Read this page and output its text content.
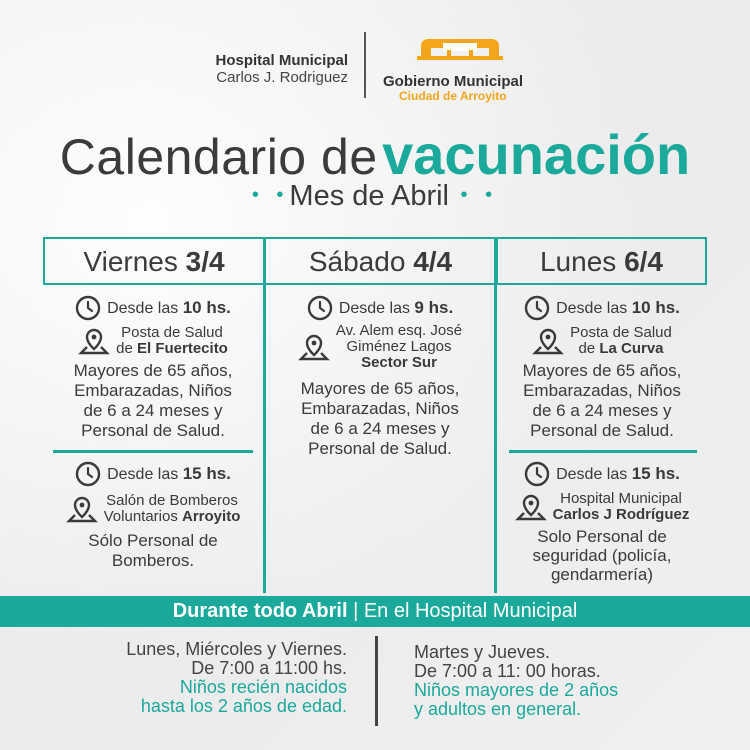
Hospital Municipal
Carlos J. Rodriguez Gobierno Municipal
Ciudad de Arroyito
Calendario de vacunación
• •Mes de Abril • •
Viernes 3/4	Sábado 4/4	Lunes 6/4
Desde las 10 hs.
Posta de Salud
de El Fuertecito
Mayores de 65 años,
Embarazadas, Niños
de 6 a 24 meses y
Personal de Salud.
Desde las 15 hs.
Salón de Bomberos
Voluntarios Arroyito
Sólo Personal de
Bomberos.
Desde las 9 hs.
Av. Alem esq. José
Giménez Lagos
Sector Sur
Mayores de 65 años,
Embarazadas, Niños
de 6 a 24 meses y
Personal de Salud.
Desde las 10 hs.
Posta de Salud
de La Curva
Mayores de 65 años,
Embarazadas, Niños
de 6 a 24 meses y
Personal de Salud.
Desde las 15 hs.
Hospital Municipal
Carlos J Rodríguez
Solo Personal de
seguridad (policía,
gendarmería)
Durante todo Abril | En el Hospital Municipal
Lunes, Miércoles y Viernes.
De 7:00 a 11:00 hs.
Niños recién nacidos
hasta los 2 años de edad.
Martes y Jueves.
De 7:00 a 11: 00 horas.
Niños mayores de 2 años
y adultos en general.
